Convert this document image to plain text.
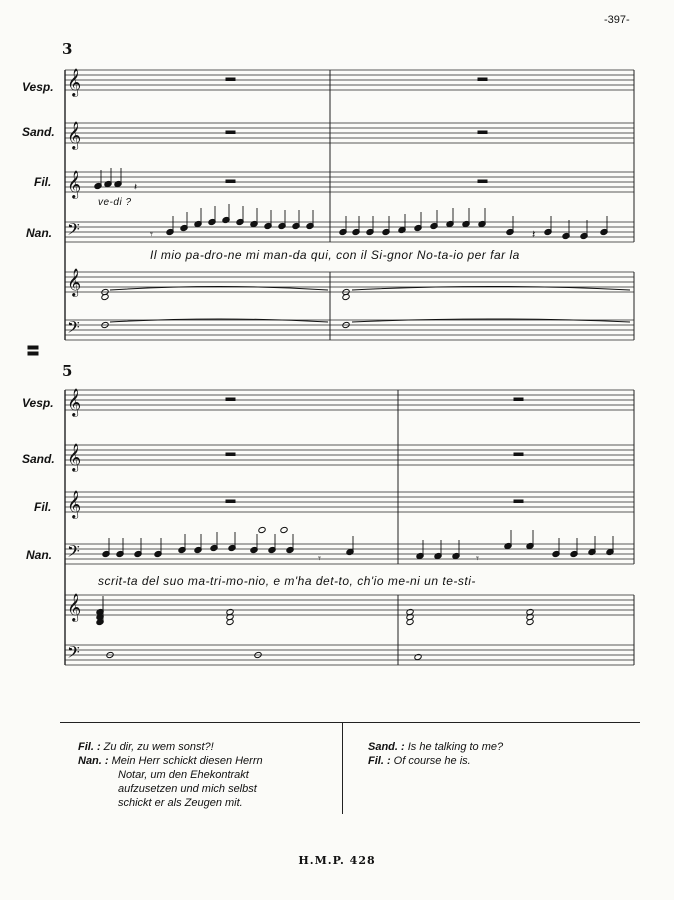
-397-
3
Vesp.
Sand.
Fil.
Nan.
ve-di ?
Il mio pa-dro-ne mi man-da qui, con il Si-gnor No-ta-io per far la
5
Vesp.
Sand.
Fil.
Nan.
scrit-ta del suo ma-tri-mo-nio, e m'ha det-to, ch'io me-ni un te-sti-
𝄞
𝄞
𝄞
𝄢
𝄞
𝄢
𝄽
𝄾	𝄽
𝄞
𝄞
𝄞
𝄢
𝄞
𝄢
𝄾	𝄾
Fil. : Zu dir, zu wem sonst?!
Nan. : Mein Herr schickt diesen Herrn
Notar, um den Ehekontrakt
aufzusetzen und mich selbst
schickt er als Zeugen mit.
Sand. : Is he talking to me?
Fil. : Of course he is.
H.M.P. 428
